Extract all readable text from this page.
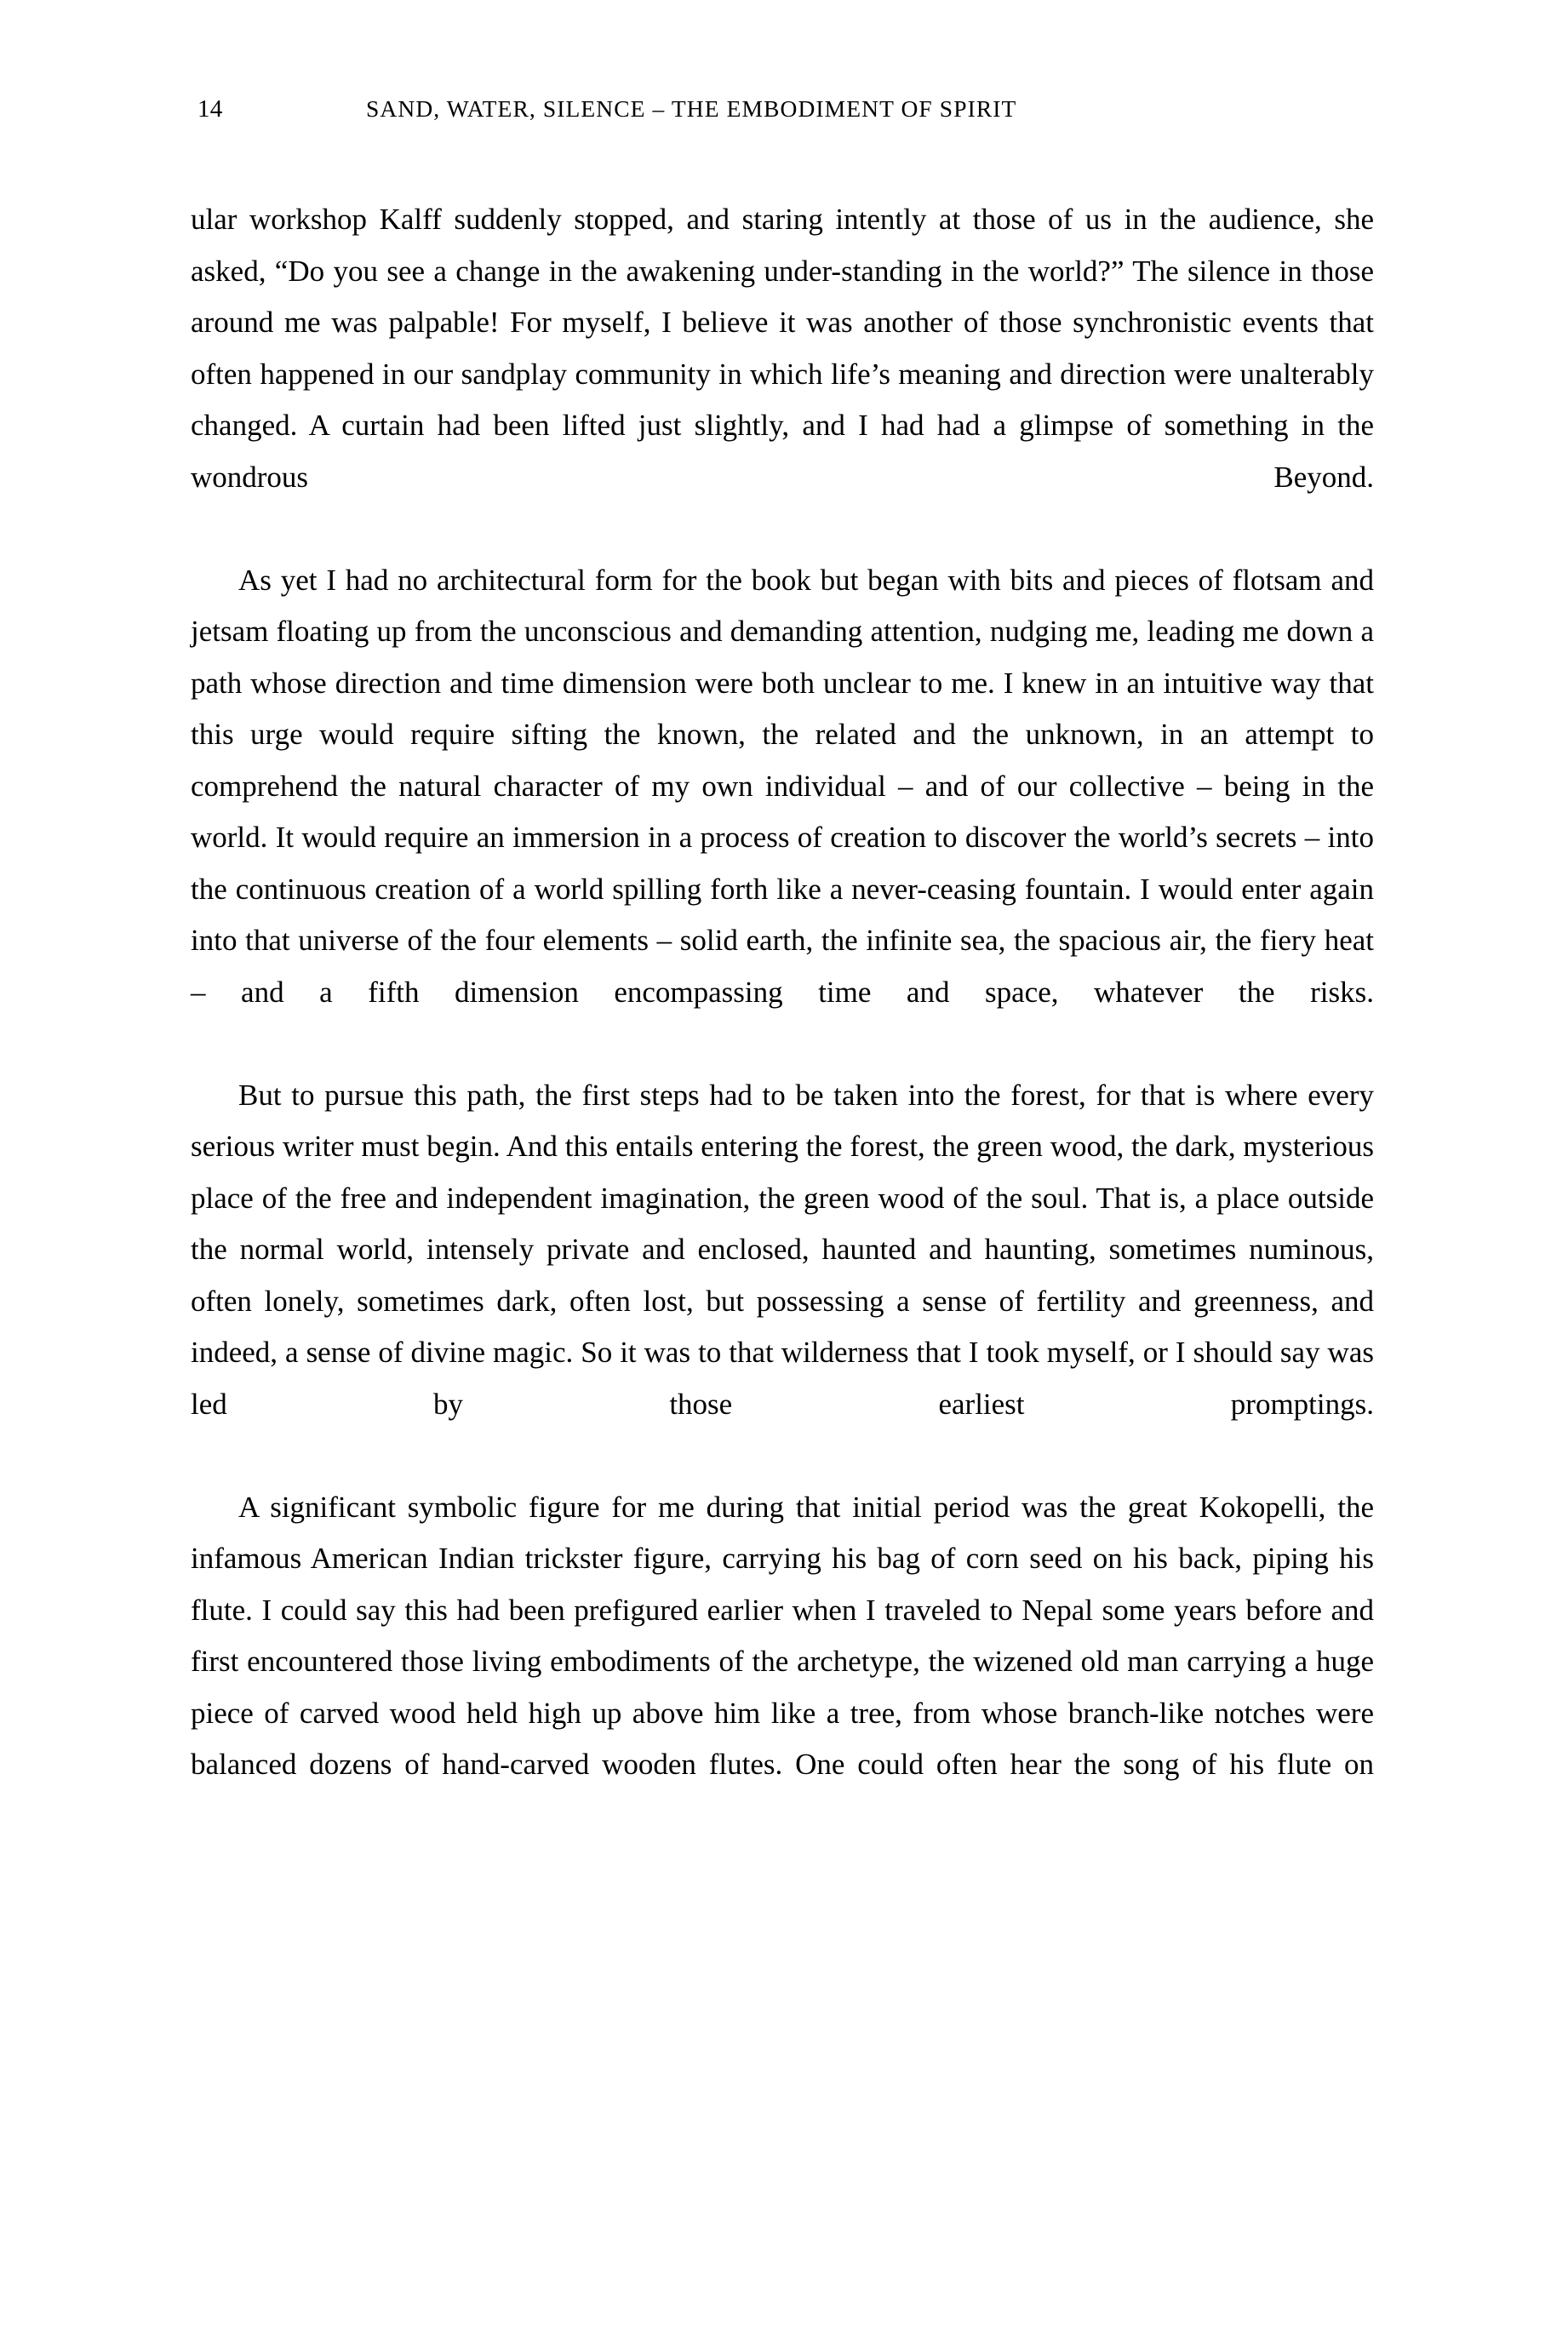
14	SAND, WATER, SILENCE – THE EMBODIMENT OF SPIRIT

ular workshop Kalff suddenly stopped, and staring intently at those of us in the audience, she asked, “Do you see a change in the awakening under-standing in the world?” The silence in those around me was palpable! For myself, I believe it was another of those synchronistic events that often happened in our sandplay community in which life’s meaning and direction were unalterably changed. A curtain had been lifted just slightly, and I had had a glimpse of something in the wondrous Beyond.

As yet I had no architectural form for the book but began with bits and pieces of flotsam and jetsam floating up from the unconscious and demanding attention, nudging me, leading me down a path whose direction and time dimension were both unclear to me. I knew in an intuitive way that this urge would require sifting the known, the related and the unknown, in an attempt to comprehend the natural character of my own individual – and of our collective – being in the world. It would require an immersion in a process of creation to discover the world’s secrets – into the continuous creation of a world spilling forth like a never-ceasing fountain. I would enter again into that universe of the four elements – solid earth, the infinite sea, the spacious air, the fiery heat – and a fifth dimension encompassing time and space, whatever the risks.

But to pursue this path, the first steps had to be taken into the forest, for that is where every serious writer must begin. And this entails entering the forest, the green wood, the dark, mysterious place of the free and independent imagination, the green wood of the soul. That is, a place outside the normal world, intensely private and enclosed, haunted and haunting, sometimes numinous, often lonely, sometimes dark, often lost, but possessing a sense of fertility and greenness, and indeed, a sense of divine magic. So it was to that wilderness that I took myself, or I should say was led by those earliest promptings.

A significant symbolic figure for me during that initial period was the great Kokopelli, the infamous American Indian trickster figure, carrying his bag of corn seed on his back, piping his flute. I could say this had been prefigured earlier when I traveled to Nepal some years before and first encountered those living embodiments of the archetype, the wizened old man carrying a huge piece of carved wood held high up above him like a tree, from whose branch-like notches were balanced dozens of hand-carved wooden flutes. One could often hear the song of his flute on
